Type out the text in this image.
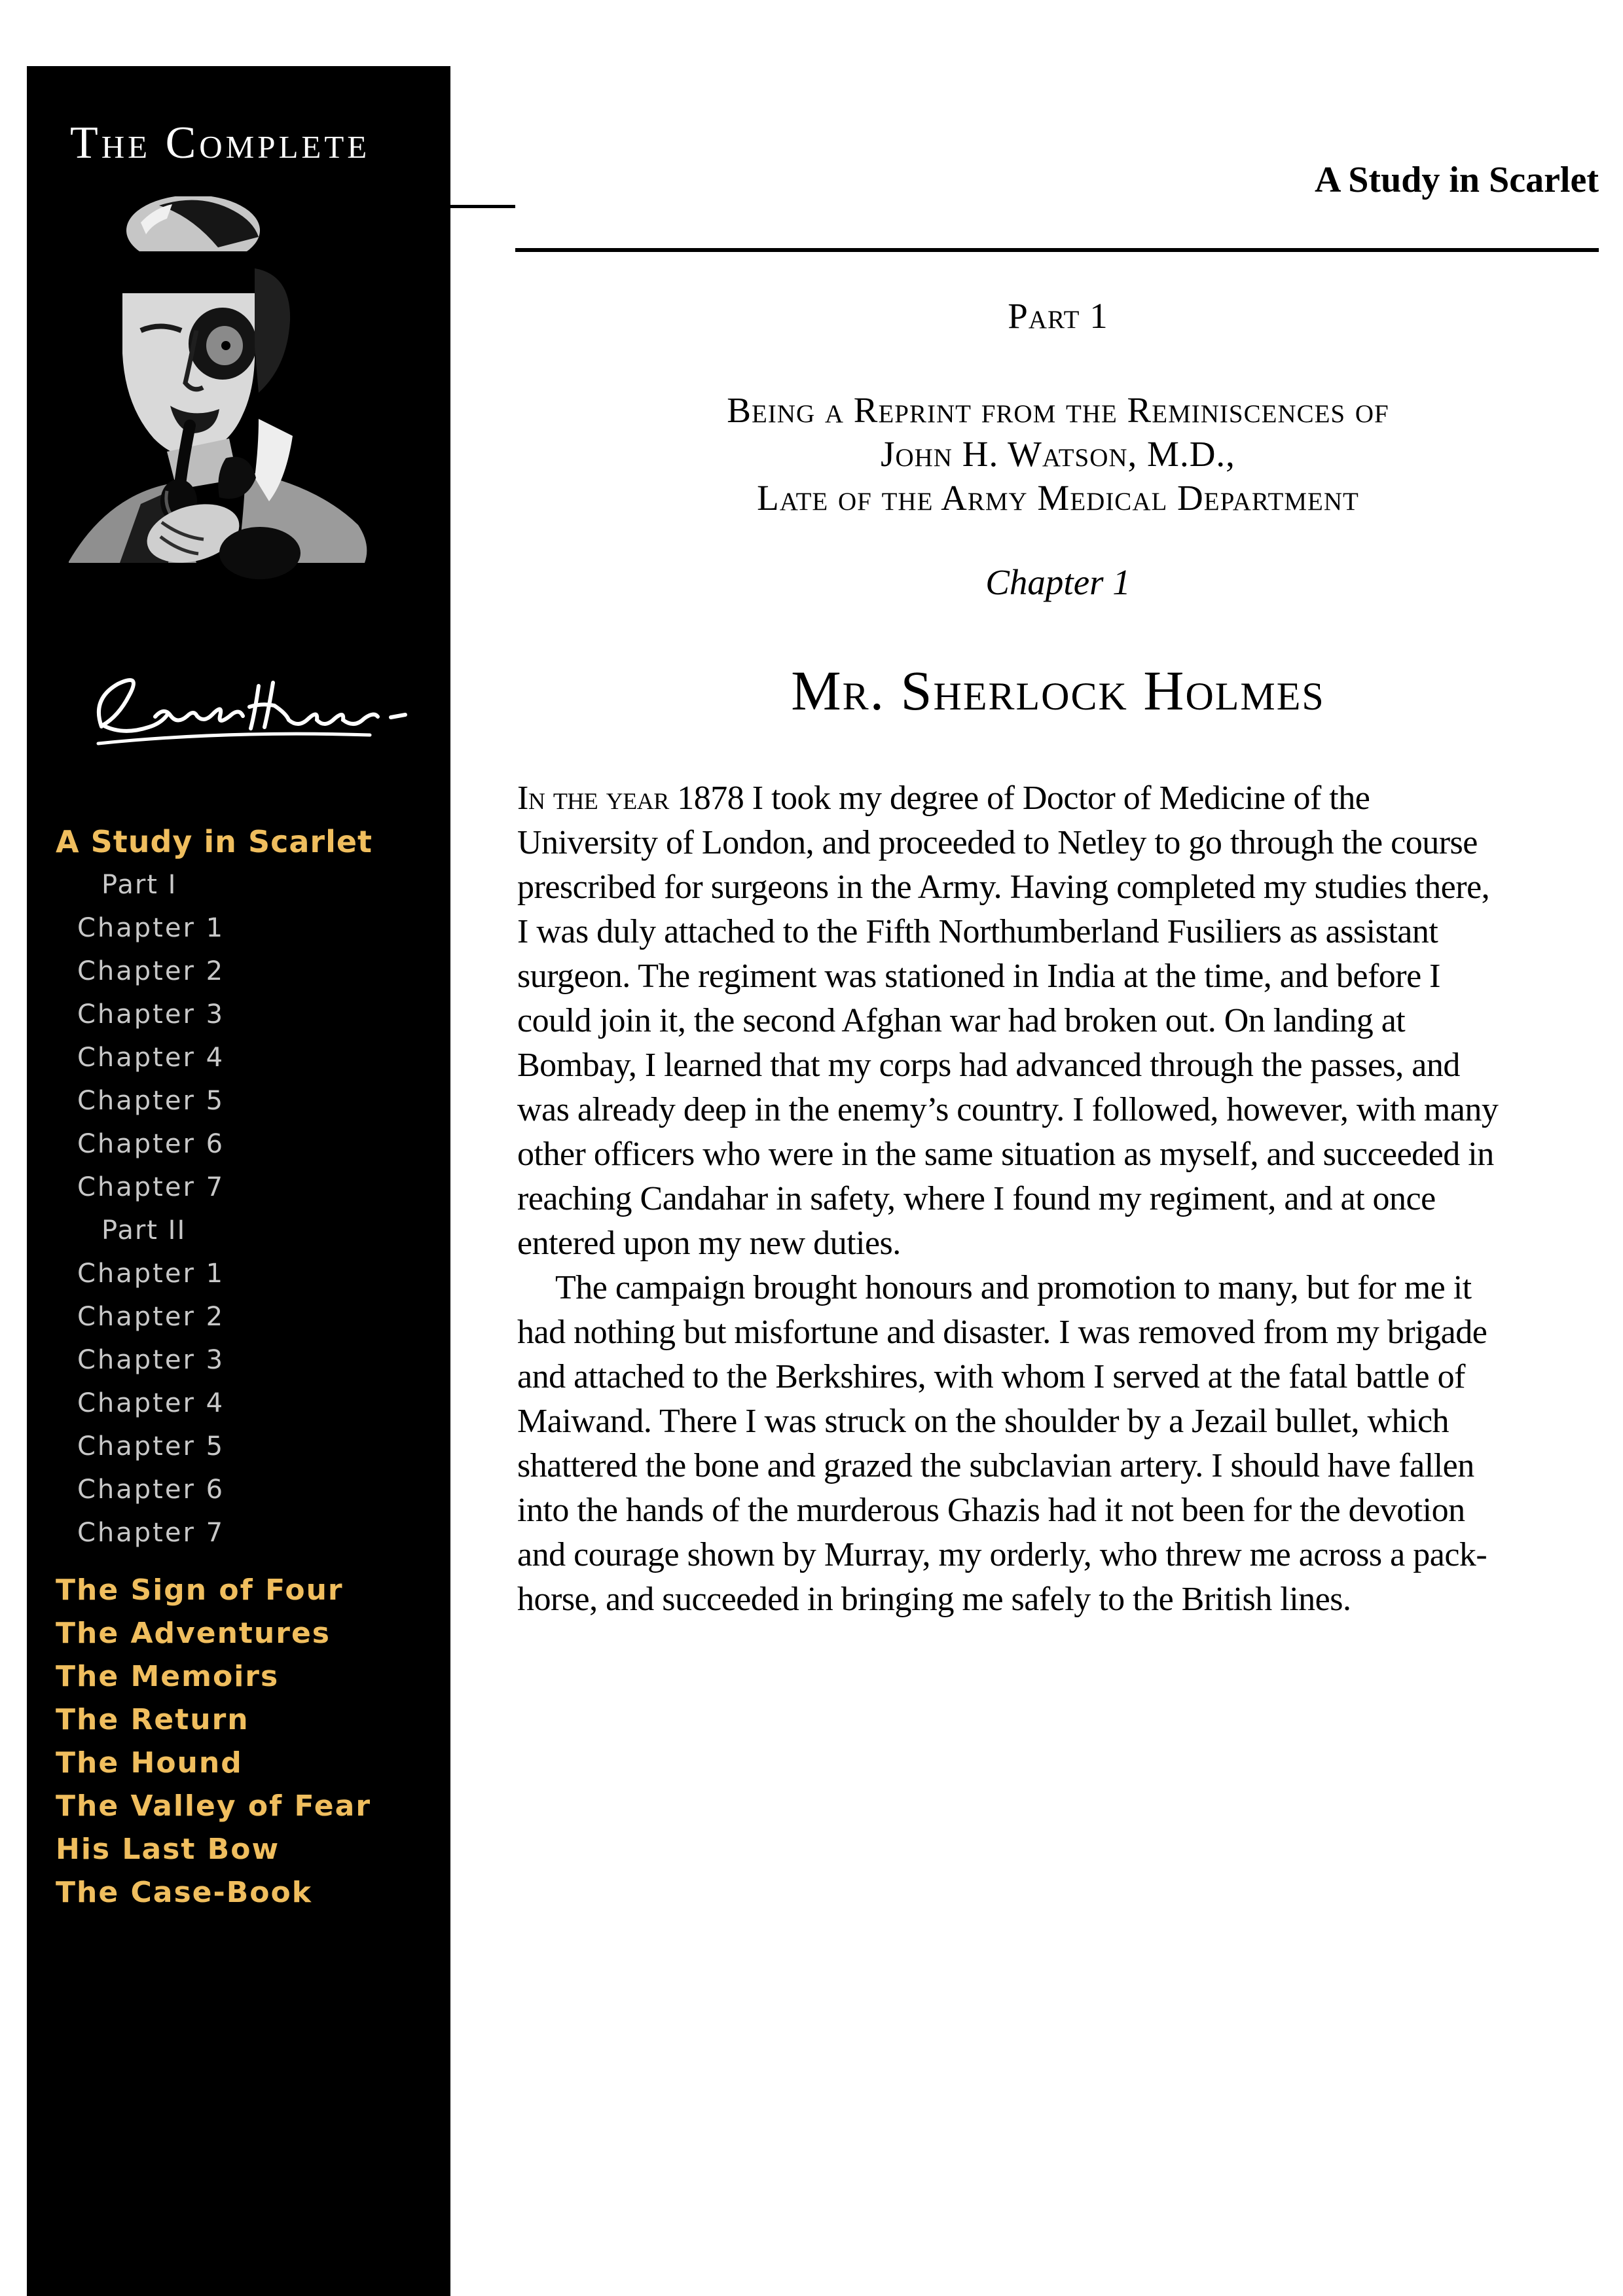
The Complete
A Study in Scarlet
Part I
Chapter 1
Chapter 2
Chapter 3
Chapter 4
Chapter 5
Chapter 6
Chapter 7
Part II
Chapter 1
Chapter 2
Chapter 3
Chapter 4
Chapter 5
Chapter 6
Chapter 7
The Sign of Four
The Adventures
The Memoirs
The Return
The Hound
The Valley of Fear
His Last Bow
The Case-Book
A Study in Scarlet
Part 1
Being a Reprint from the Reminiscences of
John H. Watson, M.D.,
Late of the Army Medical Department
Chapter 1
Mr. Sherlock Holmes
In the year 1878 I took my degree of Doctor of Medicine of the
University of London, and proceeded to Netley to go through the course
prescribed for surgeons in the Army. Having completed my studies there,
I was duly attached to the Fifth Northumberland Fusiliers as assistant
surgeon. The regiment was stationed in India at the time, and before I
could join it, the second Afghan war had broken out. On landing at
Bombay, I learned that my corps had advanced through the passes, and
was already deep in the enemy’s country. I followed, however, with many
other officers who were in the same situation as myself, and succeeded in
reaching Candahar in safety, where I found my regiment, and at once
entered upon my new duties.
The campaign brought honours and promotion to many, but for me it
had nothing but misfortune and disaster. I was removed from my brigade
and attached to the Berkshires, with whom I served at the fatal battle of
Maiwand. There I was struck on the shoulder by a Jezail bullet, which
shattered the bone and grazed the subclavian artery. I should have fallen
into the hands of the murderous Ghazis had it not been for the devotion
and courage shown by Murray, my orderly, who threw me across a pack-
horse, and succeeded in bringing me safely to the British lines.
